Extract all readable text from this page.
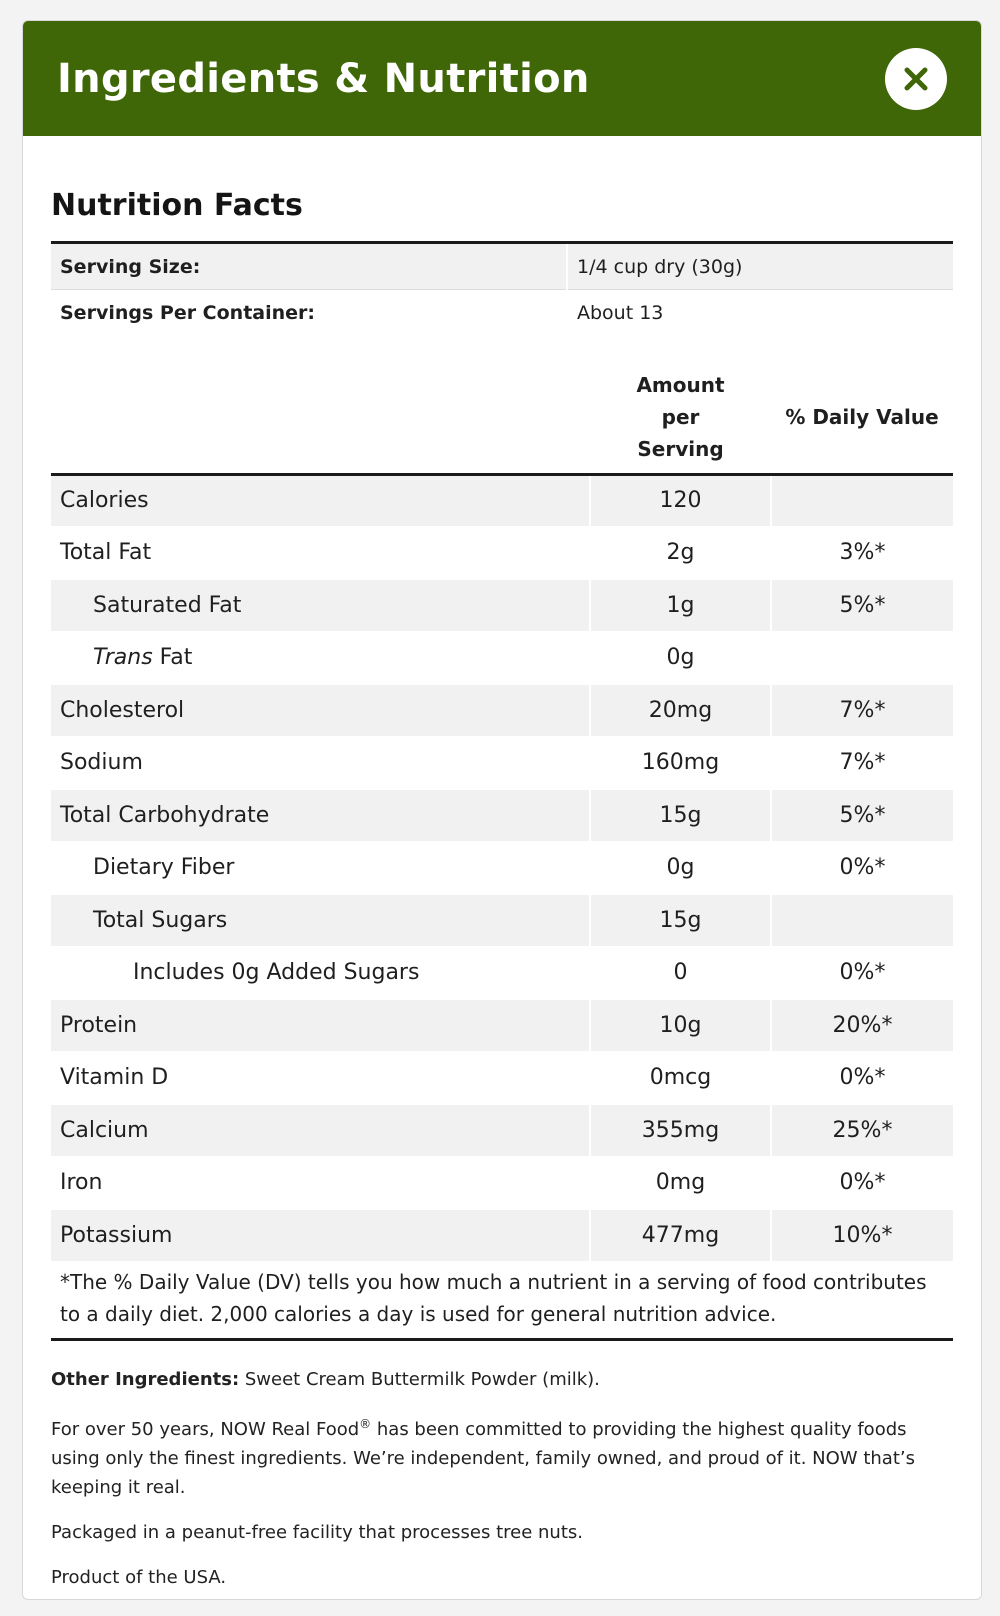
Ingredients & Nutrition
Nutrition Facts
Serving Size:	1/4 cup dry (30g)
Servings Per Container:	About 13
	Amount per Serving	% Daily Value
Calories	120	
Total Fat	2g	3%*
Saturated Fat	1g	5%*
Trans Fat	0g	
Cholesterol	20mg	7%*
Sodium	160mg	7%*
Total Carbohydrate	15g	5%*
Dietary Fiber	0g	0%*
Total Sugars	15g	
Includes 0g Added Sugars	0	0%*
Protein	10g	20%*
Vitamin D	0mcg	0%*
Calcium	355mg	25%*
Iron	0mg	0%*
Potassium	477mg	10%*
*The % Daily Value (DV) tells you how much a nutrient in a serving of food contributes to a daily diet. 2,000 calories a day is used for general nutrition advice.

Other Ingredients: Sweet Cream Buttermilk Powder (milk).

For over 50 years, NOW Real Food® has been committed to providing the highest quality foods using only the finest ingredients. We’re independent, family owned, and proud of it. NOW that’s keeping it real.

Packaged in a peanut-free facility that processes tree nuts.

Product of the USA.
